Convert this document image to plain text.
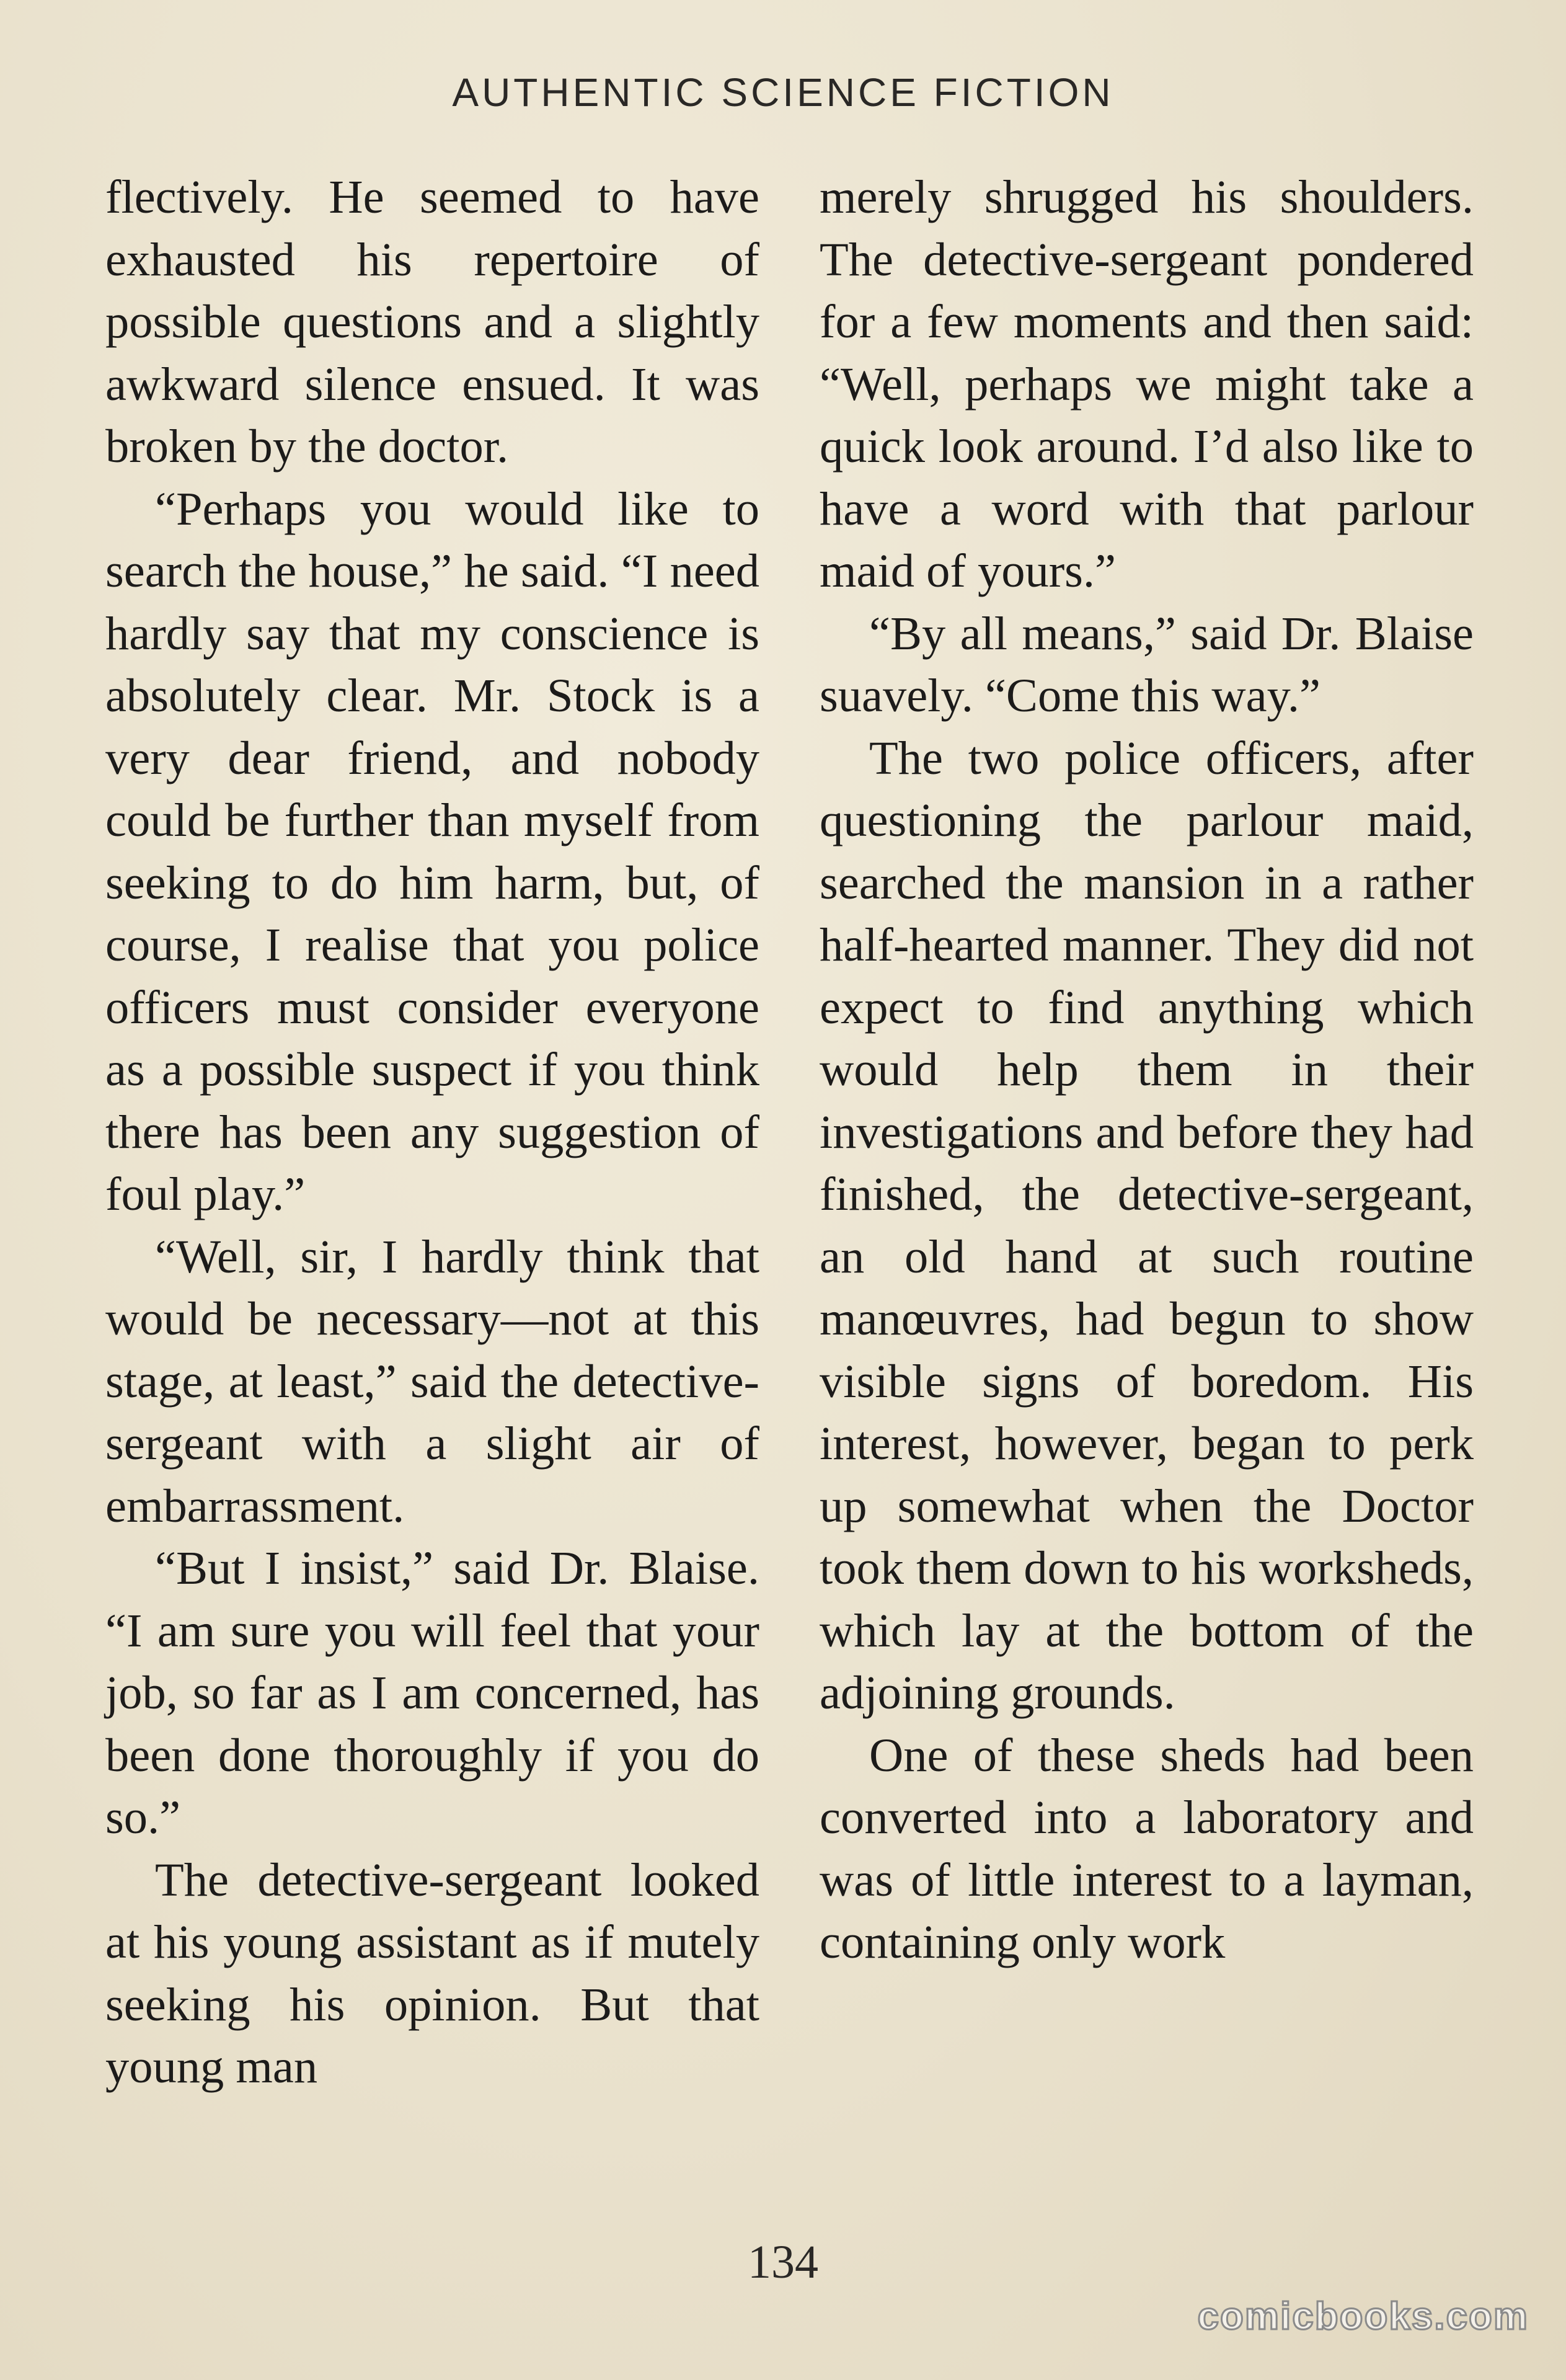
AUTHENTIC SCIENCE FICTION

flectively. He seemed to have exhausted his repertoire of possible questions and a slightly awkward silence ensued. It was broken by the doctor.

“Perhaps you would like to search the house,” he said. “I need hardly say that my conscience is absolutely clear. Mr. Stock is a very dear friend, and nobody could be further than myself from seeking to do him harm, but, of course, I realise that you police officers must consider everyone as a possible suspect if you think there has been any suggestion of foul play.”

“Well, sir, I hardly think that would be necessary—not at this stage, at least,” said the detective-sergeant with a slight air of embarrassment.

“But I insist,” said Dr. Blaise. “I am sure you will feel that your job, so far as I am concerned, has been done thoroughly if you do so.”

The detective-sergeant looked at his young assistant as if mutely seeking his opinion. But that young man

merely shrugged his shoulders. The detective-sergeant pondered for a few moments and then said: “Well, perhaps we might take a quick look around. I’d also like to have a word with that parlour maid of yours.”

“By all means,” said Dr. Blaise suavely. “Come this way.”

The two police officers, after questioning the parlour maid, searched the mansion in a rather half-hearted manner. They did not expect to find anything which would help them in their investigations and before they had finished, the detective-sergeant, an old hand at such routine manœuvres, had begun to show visible signs of boredom. His interest, however, began to perk up somewhat when the Doctor took them down to his worksheds, which lay at the bottom of the adjoining grounds.

One of these sheds had been converted into a laboratory and was of little interest to a layman, containing only work

134
comicbooks.com
